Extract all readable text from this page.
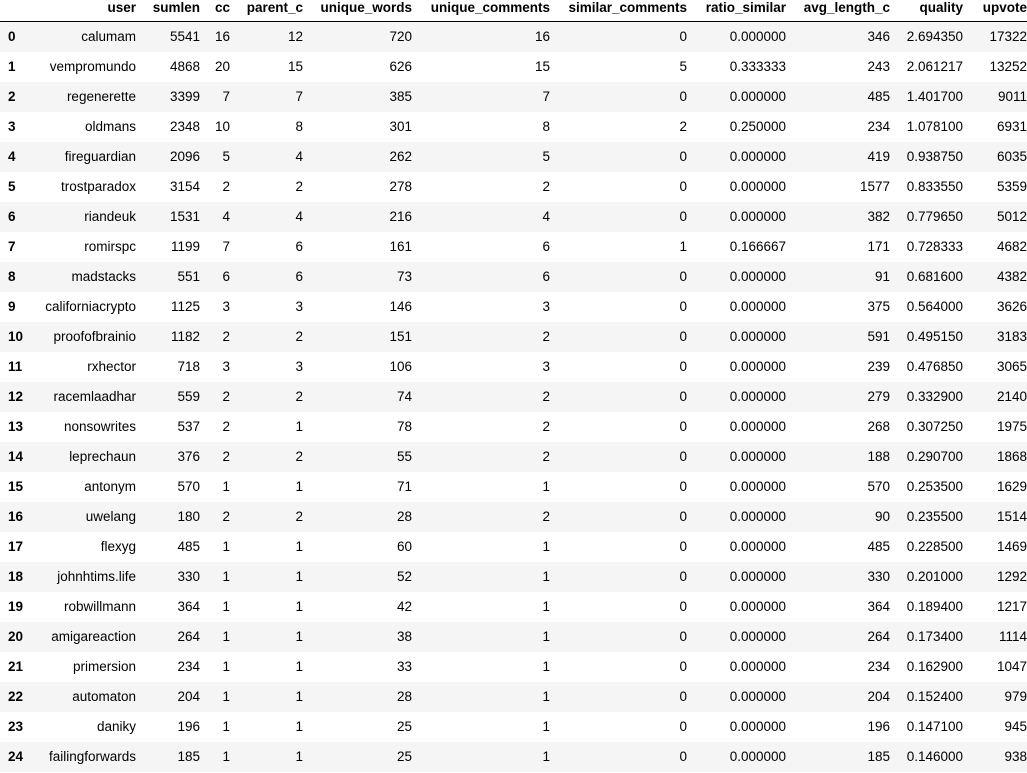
	user	sumlen	cc	parent_c	unique_words	unique_comments	similar_comments	ratio_similar	avg_length_c	quality	upvote
0	calumam	5541	16	12	720	16	0	0.000000	346	2.694350	17322
1	vempromundo	4868	20	15	626	15	5	0.333333	243	2.061217	13252
2	regenerette	3399	7	7	385	7	0	0.000000	485	1.401700	9011
3	oldmans	2348	10	8	301	8	2	0.250000	234	1.078100	6931
4	fireguardian	2096	5	4	262	5	0	0.000000	419	0.938750	6035
5	trostparadox	3154	2	2	278	2	0	0.000000	1577	0.833550	5359
6	riandeuk	1531	4	4	216	4	0	0.000000	382	0.779650	5012
7	romirspc	1199	7	6	161	6	1	0.166667	171	0.728333	4682
8	madstacks	551	6	6	73	6	0	0.000000	91	0.681600	4382
9	californiacrypto	1125	3	3	146	3	0	0.000000	375	0.564000	3626
10	proofofbrainio	1182	2	2	151	2	0	0.000000	591	0.495150	3183
11	rxhector	718	3	3	106	3	0	0.000000	239	0.476850	3065
12	racemlaadhar	559	2	2	74	2	0	0.000000	279	0.332900	2140
13	nonsowrites	537	2	1	78	2	0	0.000000	268	0.307250	1975
14	leprechaun	376	2	2	55	2	0	0.000000	188	0.290700	1868
15	antonym	570	1	1	71	1	0	0.000000	570	0.253500	1629
16	uwelang	180	2	2	28	2	0	0.000000	90	0.235500	1514
17	flexyg	485	1	1	60	1	0	0.000000	485	0.228500	1469
18	johnhtims.life	330	1	1	52	1	0	0.000000	330	0.201000	1292
19	robwillmann	364	1	1	42	1	0	0.000000	364	0.189400	1217
20	amigareaction	264	1	1	38	1	0	0.000000	264	0.173400	1114
21	primersion	234	1	1	33	1	0	0.000000	234	0.162900	1047
22	automaton	204	1	1	28	1	0	0.000000	204	0.152400	979
23	daniky	196	1	1	25	1	0	0.000000	196	0.147100	945
24	failingforwards	185	1	1	25	1	0	0.000000	185	0.146000	938
